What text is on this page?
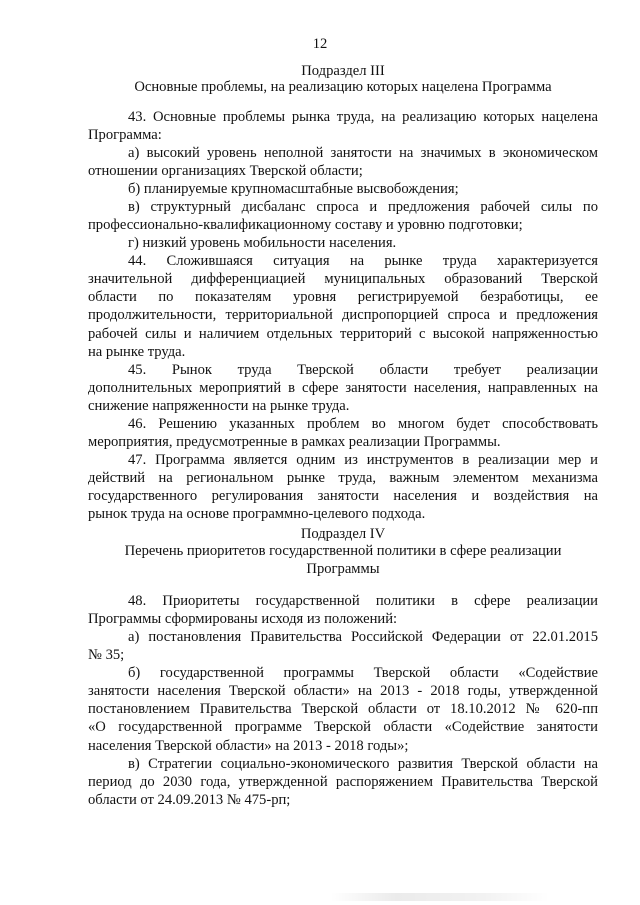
12
Подраздел III
Основные проблемы, на реализацию которых нацелена Программа
43. Основные проблемы рынка труда, на реализацию которых нацелена
Программа:
а) высокий уровень неполной занятости на значимых в экономическом
отношении организациях Тверской области;
б) планируемые крупномасштабные высвобождения;
в) структурный дисбаланс спроса и предложения рабочей силы по
профессионально-квалификационному составу и уровню подготовки;
г) низкий уровень мобильности населения.
44. Сложившаяся ситуация на рынке труда характеризуется
значительной дифференциацией муниципальных образований Тверской
области по показателям уровня регистрируемой безработицы, ее
продолжительности, территориальной диспропорцией спроса и предложения
рабочей силы и наличием отдельных территорий с высокой напряженностью
на рынке труда.
45. Рынок труда Тверской области требует реализации
дополнительных мероприятий в сфере занятости населения, направленных на
снижение напряженности на рынке труда.
46. Решению указанных проблем во многом будет способствовать
мероприятия, предусмотренные в рамках реализации Программы.
47. Программа является одним из инструментов в реализации мер и
действий на региональном рынке труда, важным элементом механизма
государственного регулирования занятости населения и воздействия на
рынок труда на основе программно-целевого подхода.
Подраздел IV
Перечень приоритетов государственной политики в сфере реализации
Программы
48. Приоритеты государственной политики в сфере реализации
Программы сформированы исходя из положений:
а) постановления Правительства Российской Федерации от 22.01.2015
№ 35;
б) государственной программы Тверской области «Содействие
занятости населения Тверской области» на 2013 - 2018 годы, утвержденной
постановлением Правительства Тверской области от 18.10.2012 № 620-пп
«О государственной программе Тверской области «Содействие занятости
населения Тверской области» на 2013 - 2018 годы»;
в) Стратегии социально-экономического развития Тверской области на
период до 2030 года, утвержденной распоряжением Правительства Тверской
области от 24.09.2013 № 475-рп;
